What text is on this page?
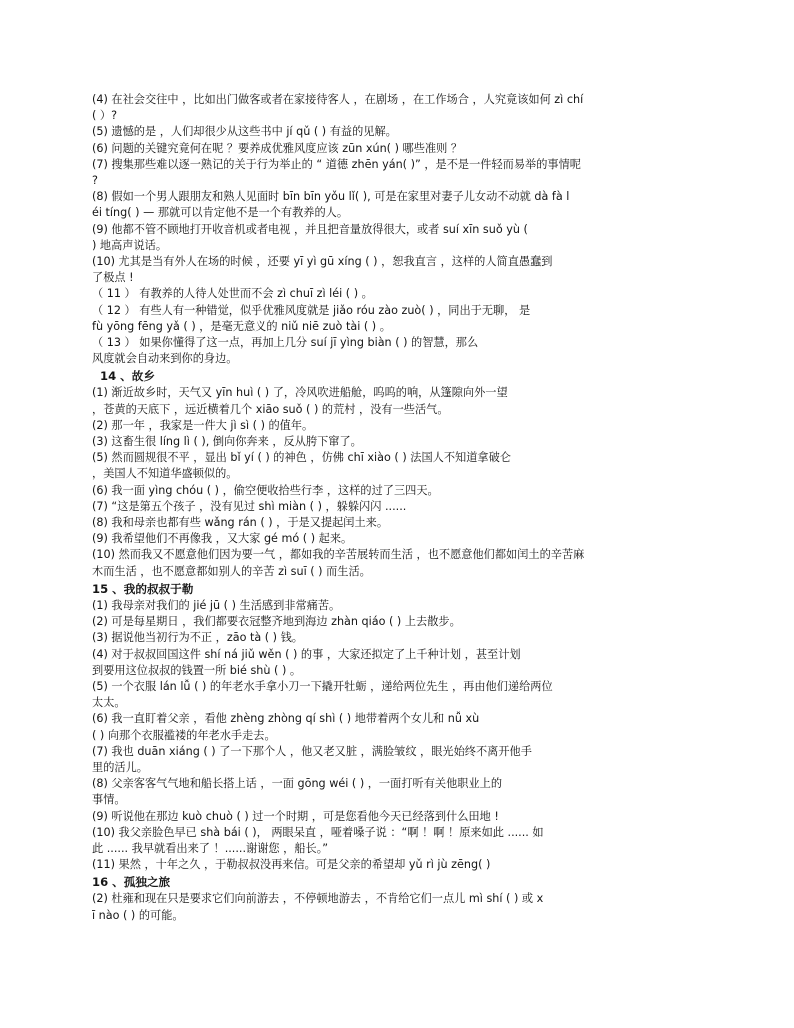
(4) 在社会交往中 ，比如出门做客或者在家接待客人 ，在剧场 ，在工作场合 ，人究竟该如何 zì chí
( ）?
(5) 遗憾的是 ，人们却很少从这些书中 jí qǔ ( ) 有益的见解。
(6) 问题的关键究竟何在呢 ？要养成优雅风度应该 zūn xún( ) 哪些准则 ？
(7) 搜集那些难以逐一熟记的关于行为举止的 “ 道德 zhēn yán( )” ，是不是一件轻而易举的事情呢
?
(8) 假如一个男人跟朋友和熟人见面时 bīn bīn yǒu lǐ( ), 可是在家里对妻子儿女动不动就 dà fà l
éi tíng( ) — 那就可以肯定他不是一个有教养的人。
(9) 他都不管不顾地打开收音机或者电视 ，并且把音量放得很大，或者 suí xīn suǒ yù (
) 地高声说话。
(10) 尤其是当有外人在场的时候 ，还要 yī yì gū xíng ( ) ，恕我直言 ，这样的人简直愚蠢到
了极点 !
（ 11 ） 有教养的人待人处世而不会 zì chuī zì léi ( ) 。
（ 12 ） 有些人有一种错觉，似乎优雅风度就是 jiǎo róu zào zuò( ) ，同出于无聊， 是
fù yōng fēng yǎ ( ) ，是毫无意义的 niǔ niē zuò tài ( ) 。
（ 13 ） 如果你懂得了这一点，再加上几分 suí jī yìng biàn ( ) 的智慧，那么
风度就会自动来到你的身边。
14 、故乡
(1) 渐近故乡时，天气又 yīn huì ( ) 了，冷风吹进船舱，呜呜的响，从篷隙向外一望
，苍黄的天底下 ，远近横着几个 xiāo suǒ ( ) 的荒村 ，没有一些活气。
(2) 那一年 ，我家是一件大 jì sì ( ) 的值年。
(3) 这畜生很 líng lì ( ), 倒向你奔来 ，反从胯下窜了。
(5) 然而圆规很不平 ，显出 bǐ yí ( ) 的神色 ，仿佛 chī xiào ( ) 法国人不知道拿破仑
，美国人不知道华盛顿似的。
(6) 我一面 yìng chóu ( ) ，偷空便收拾些行李 ，这样的过了三四天。
(7) “这是第五个孩子 ，没有见过 shì miàn ( ) ，躲躲闪闪 ......
(8) 我和母亲也都有些 wǎng rán ( ) ，于是又提起闰土来。
(9) 我希望他们不再像我 ，又大家 gé mó ( ) 起来。
(10) 然而我又不愿意他们因为要一气 ，都如我的辛苦展转而生活 ，也不愿意他们都如闰土的辛苦麻
木而生活 ，也不愿意都如别人的辛苦 zì suī ( ) 而生活。
15 、我的叔叔于勒
(1) 我母亲对我们的 jié jū ( ) 生活感到非常痛苦。
(2) 可是每星期日 ，我们都要衣冠整齐地到海边 zhàn qiáo ( ) 上去散步。
(3) 据说他当初行为不正 ，zāo tà ( ) 钱。
(4) 对于叔叔回国这件 shí ná jiǔ wěn ( ) 的事 ，大家还拟定了上千种计划 ，甚至计划
到要用这位叔叔的钱置一所 bié shù ( ) 。
(5) 一个衣服 lán lǚ ( ) 的年老水手拿小刀一下撬开牡蛎 ，递给两位先生 ，再由他们递给两位
太太。
(6) 我一直盯着父亲 ，看他 zhèng zhòng qí shì ( ) 地带着两个女儿和 nǚ xù
( ) 向那个衣服褴褛的年老水手走去。
(7) 我也 duān xiáng ( ) 了一下那个人 ，他又老又脏 ，满脸皱纹 ，眼光始终不离开他手
里的活儿。
(8) 父亲客客气气地和船长搭上话 ，一面 gōng wéi ( ) ，一面打听有关他职业上的
事情。
(9) 听说他在那边 kuò chuò ( ) 过一个时期 ，可是您看他今天已经落到什么田地 !
(10) 我父亲脸色早已 shà bái ( )， 两眼呆直 ，哑着嗓子说 ：“啊 ！啊 ！原来如此 ...... 如
此 ...... 我早就看出来了 ！......谢谢您 ，船长。”
(11) 果然 ，十年之久 ，于勒叔叔没再来信。可是父亲的希望却 yǔ rì jù zēng( )
16 、孤独之旅
(2) 杜雍和现在只是要求它们向前游去 ，不停顿地游去 ，不肯给它们一点儿 mì shí ( ) 或 x
ī nào ( ) 的可能。
